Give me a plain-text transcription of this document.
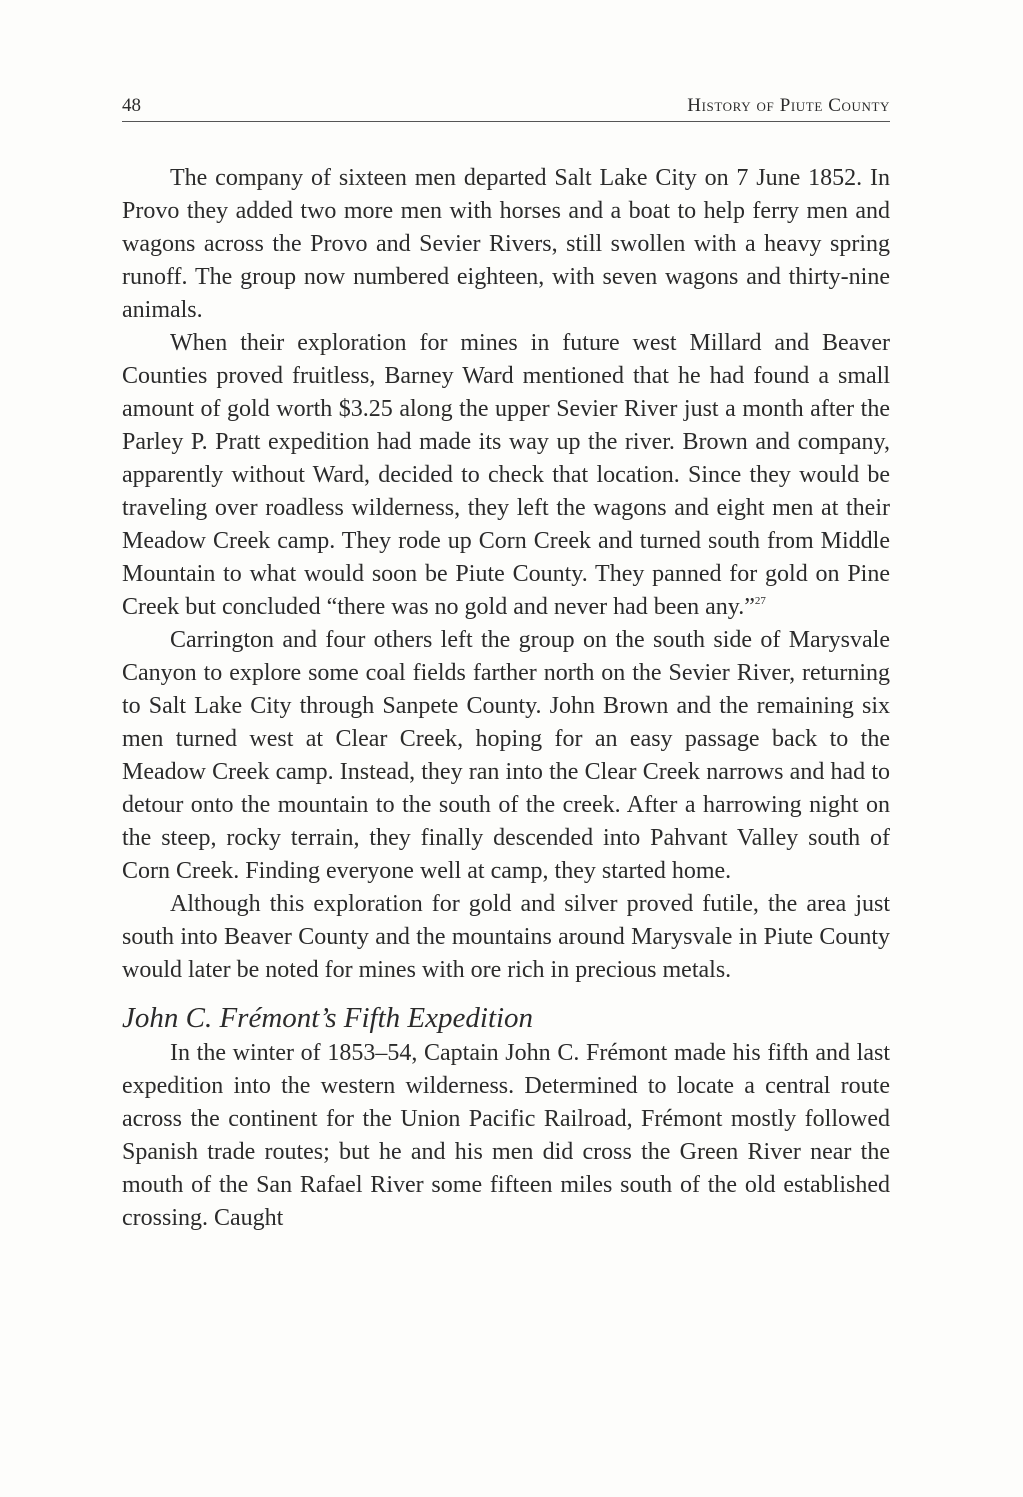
48	History of Piute County

The company of sixteen men departed Salt Lake City on 7 June 1852. In Provo they added two more men with horses and a boat to help ferry men and wagons across the Provo and Sevier Rivers, still swollen with a heavy spring runoff. The group now numbered eighteen, with seven wagons and thirty-nine animals.

When their exploration for mines in future west Millard and Beaver Counties proved fruitless, Barney Ward mentioned that he had found a small amount of gold worth $3.25 along the upper Sevier River just a month after the Parley P. Pratt expedition had made its way up the river. Brown and company, apparently without Ward, decided to check that location. Since they would be traveling over roadless wilderness, they left the wagons and eight men at their Meadow Creek camp. They rode up Corn Creek and turned south from Middle Mountain to what would soon be Piute County. They panned for gold on Pine Creek but concluded “there was no gold and never had been any.”$^{27}$

Carrington and four others left the group on the south side of Marysvale Canyon to explore some coal fields farther north on the Sevier River, returning to Salt Lake City through Sanpete County. John Brown and the remaining six men turned west at Clear Creek, hoping for an easy passage back to the Meadow Creek camp. Instead, they ran into the Clear Creek narrows and had to detour onto the mountain to the south of the creek. After a harrowing night on the steep, rocky terrain, they finally descended into Pahvant Valley south of Corn Creek. Finding everyone well at camp, they started home.

Although this exploration for gold and silver proved futile, the area just south into Beaver County and the mountains around Marysvale in Piute County would later be noted for mines with ore rich in precious metals.

John C. Frémont’s Fifth Expedition

In the winter of 1853–54, Captain John C. Frémont made his fifth and last expedition into the western wilderness. Determined to locate a central route across the continent for the Union Pacific Railroad, Frémont mostly followed Spanish trade routes; but he and his men did cross the Green River near the mouth of the San Rafael River some fifteen miles south of the old established crossing. Caught
